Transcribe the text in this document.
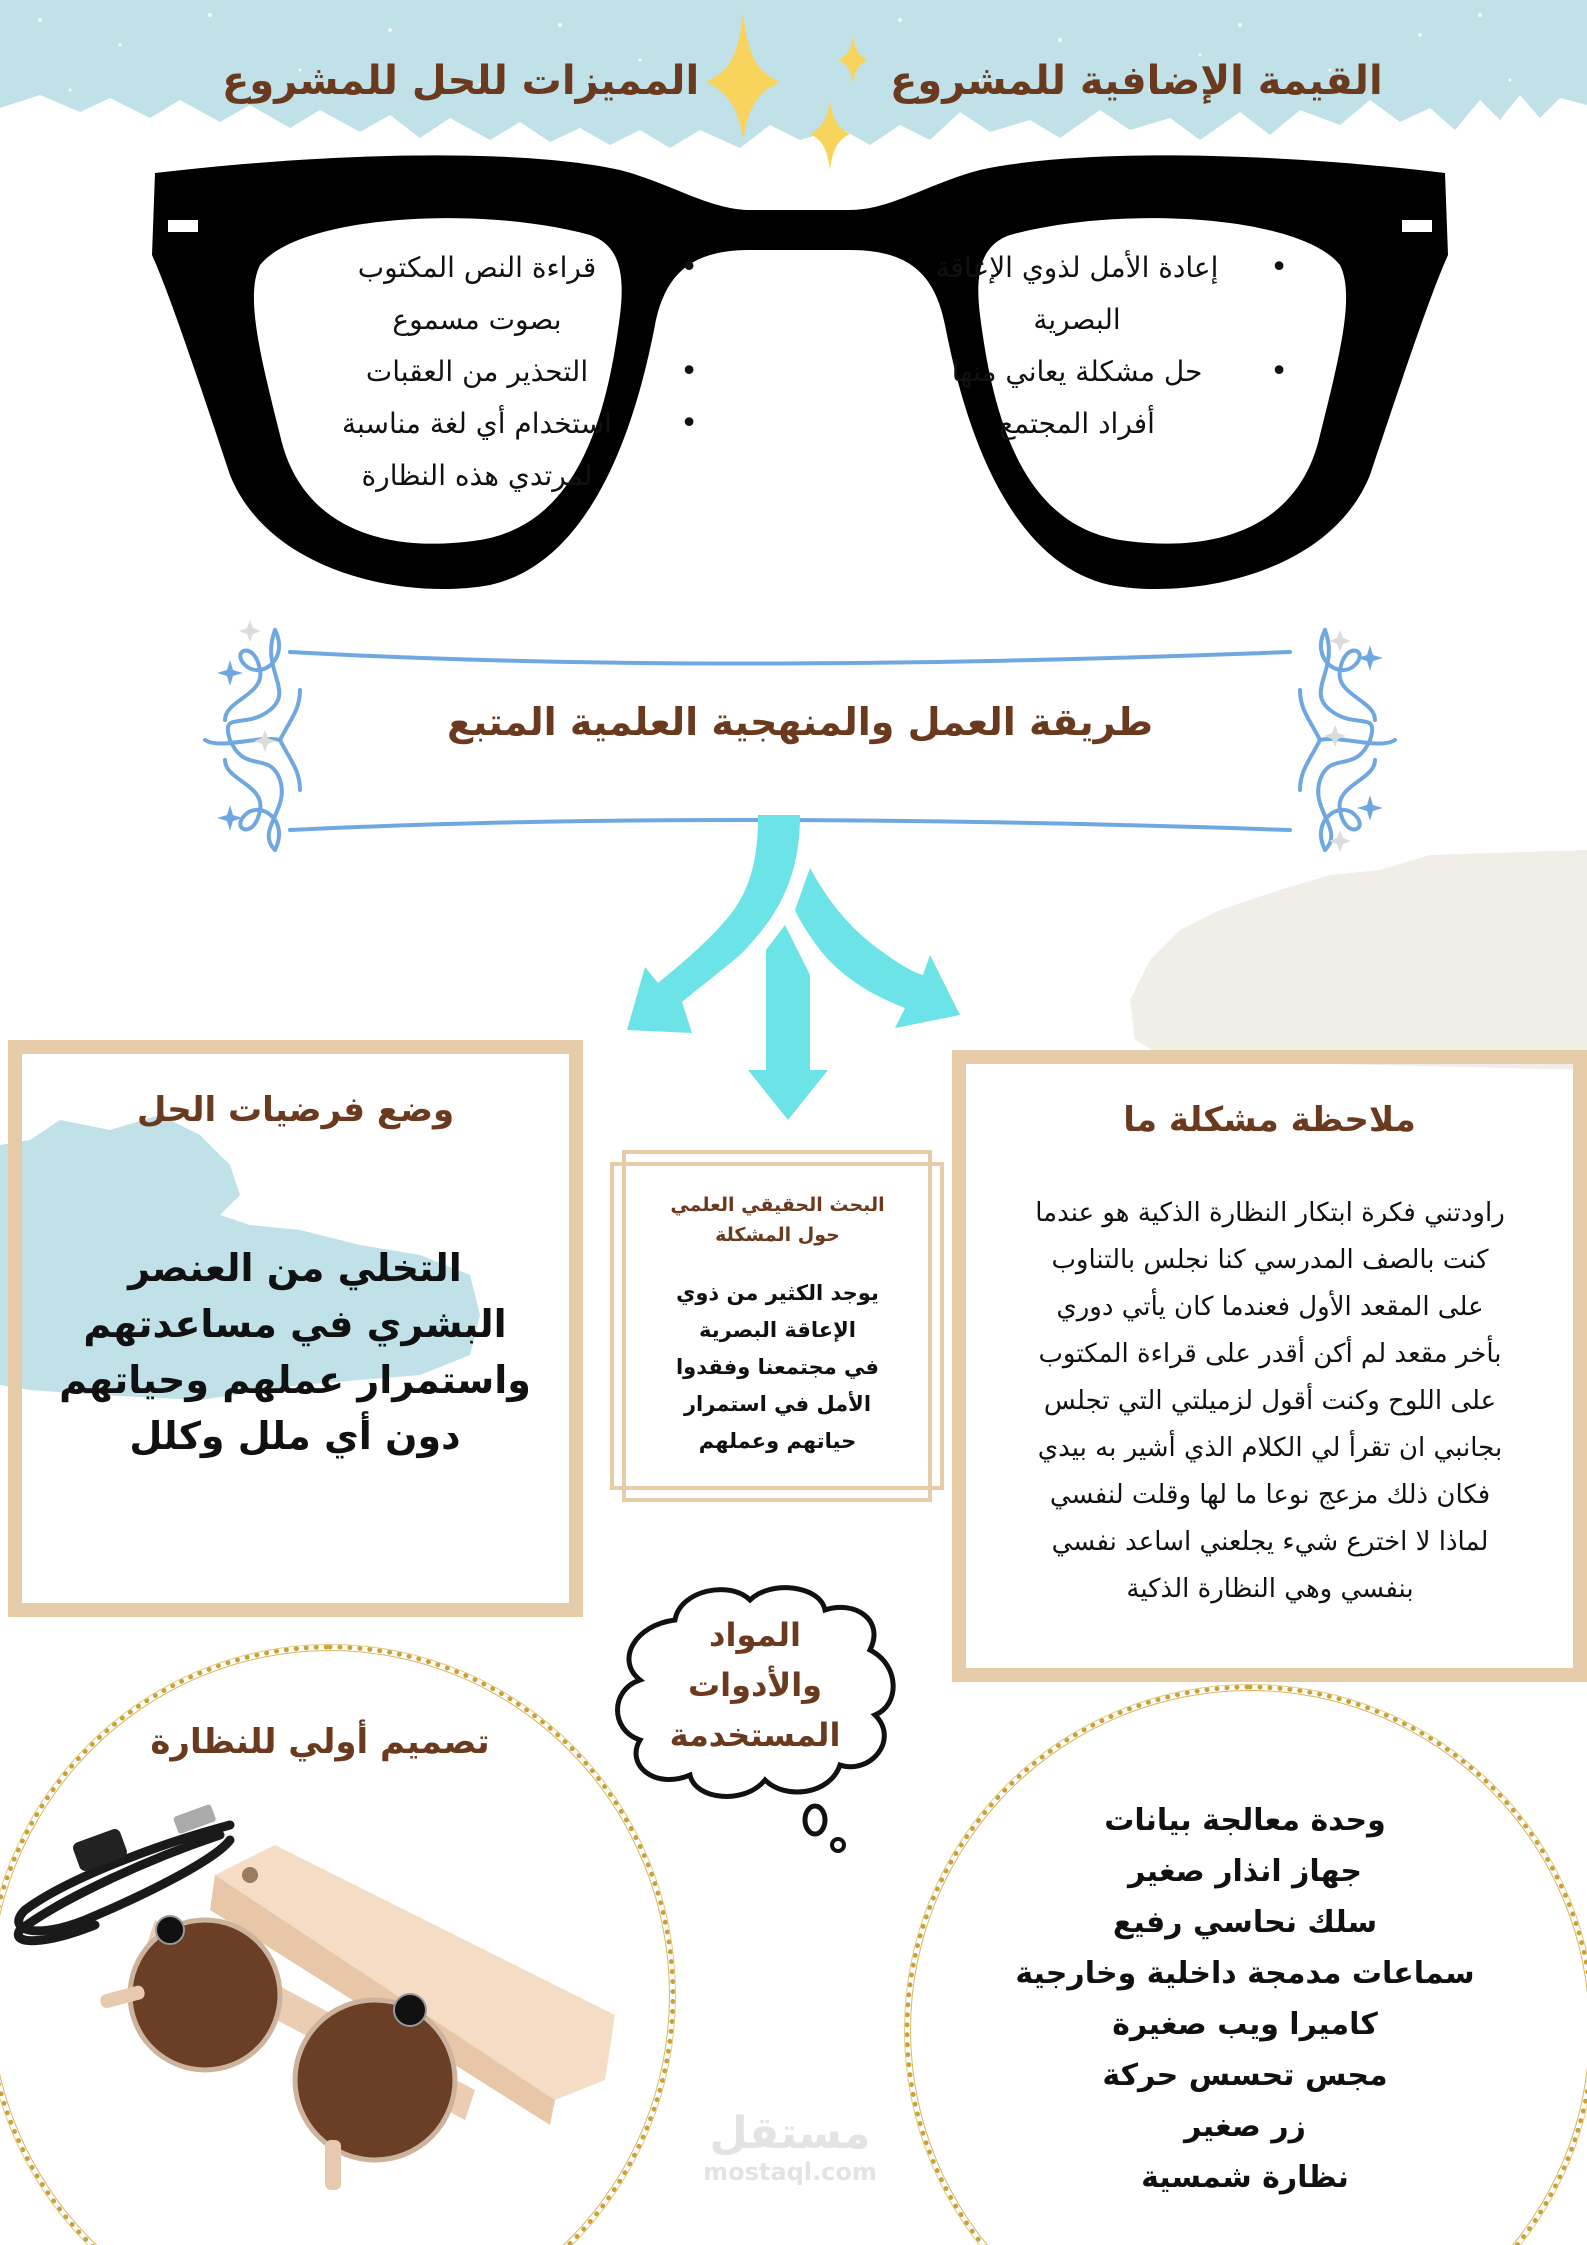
القيمة الإضافية للمشروع
المميزات للحل للمشروع
• إعادة الأمل لذوي الإعاقة
البصرية
• حل مشكلة يعاني منها
أفراد المجتمع
• قراءة النص المكتوب
بصوت مسموع
• التحذير من العقبات
• استخدام أي لغة مناسبة
لمرتدي هذه النظارة
طريقة العمل والمنهجية العلمية المتبع
وضع فرضيات الحل
التخلي من العنصر
البشري في مساعدتهم
واستمرار عملهم وحياتهم
دون أي ملل وكلل
البحث الحقيقي العلمي
حول المشكلة
يوجد الكثير من ذوي
الإعاقة البصرية
في مجتمعنا وفقدوا
الأمل في استمرار
حياتهم وعملهم
ملاحظة مشكلة ما
راودتني فكرة ابتكار النظارة الذكية هو عندما
كنت بالصف المدرسي كنا نجلس بالتناوب
على المقعد الأول فعندما كان يأتي دوري
بأخر مقعد لم أكن أقدر على قراءة المكتوب
على اللوح وكنت أقول لزميلتي التي تجلس
بجانبي ان تقرأ لي الكلام الذي أشير به بيدي
فكان ذلك مزعج نوعا ما لها وقلت لنفسي
لماذا لا اخترع شيء يجلعني اساعد نفسي
بنفسي وهي النظارة الذكية
تصميم أولي للنظارة
المواد
والأدوات
المستخدمة
وحدة معالجة بيانات
جهاز انذار صغير
سلك نحاسي رفيع
سماعات مدمجة داخلية وخارجية
كاميرا ويب صغيرة
مجس تحسس حركة
زر صغير
نظارة شمسية
مستقل
mostaql.com
